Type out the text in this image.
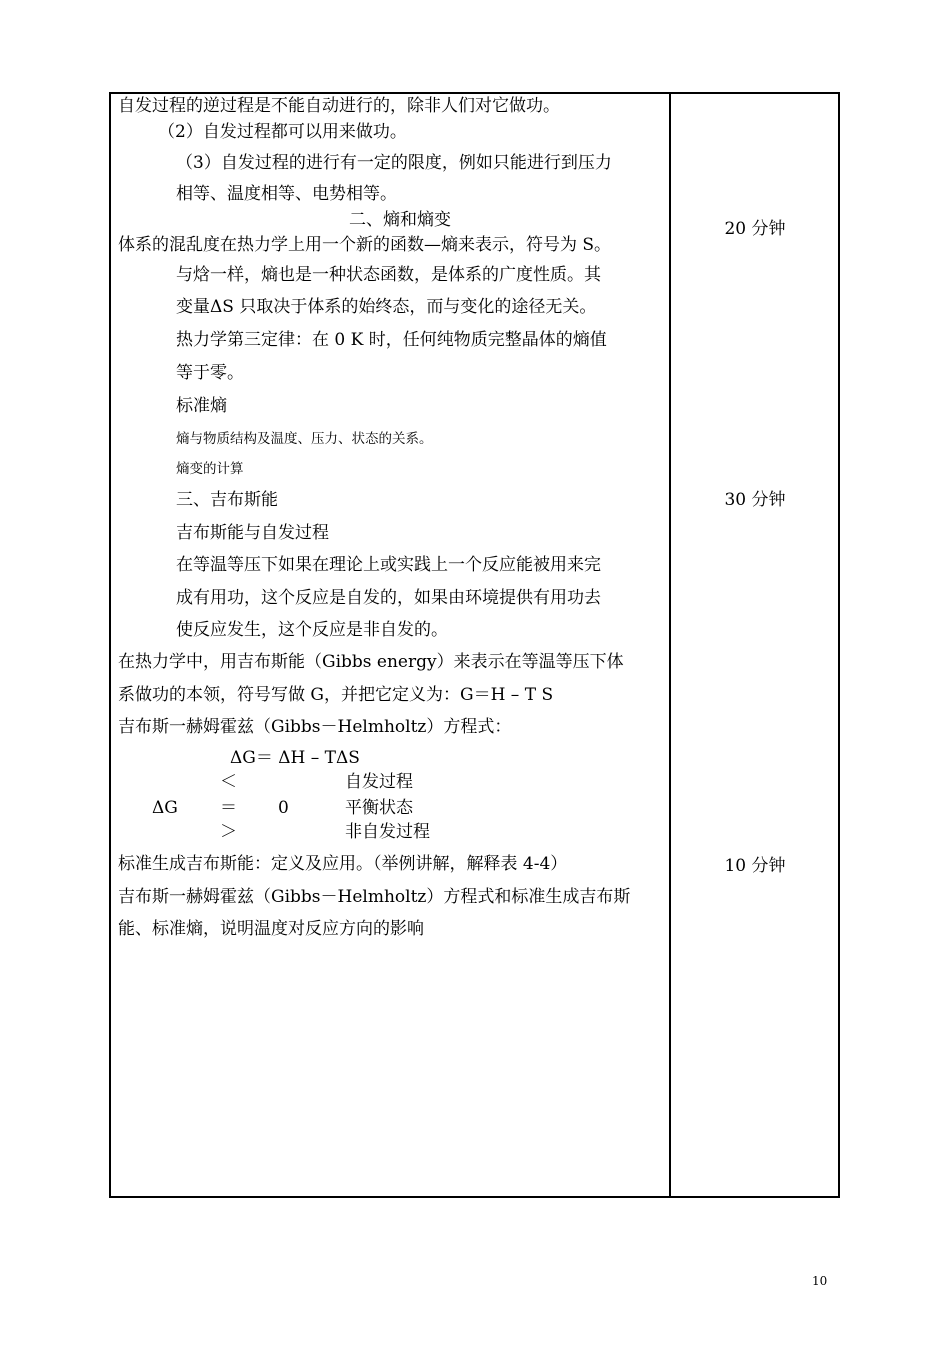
自发过程的逆过程是不能自动进行的，除非人们对它做功。
（2）自发过程都可以用来做功。
（3）自发过程的进行有一定的限度，例如只能进行到压力
相等、温度相等、电势相等。
二、熵和熵变
体系的混乱度在热力学上用一个新的函数—熵来表示，符号为 S。
与焓一样，熵也是一种状态函数，是体系的广度性质。其
变量ΔS 只取决于体系的始终态，而与变化的途径无关。
热力学第三定律：在 0 K 时，任何纯物质完整晶体的熵值
等于零。
标准熵
熵与物质结构及温度、压力、状态的关系。
熵变的计算
三、吉布斯能
吉布斯能与自发过程
在等温等压下如果在理论上或实践上一个反应能被用来完
成有用功，这个反应是自发的，如果由环境提供有用功去
使反应发生，这个反应是非自发的。
在热力学中，用吉布斯能（Gibbs energy）来表示在等温等压下体
系做功的本领，符号写做 G，并把它定义为：G＝H – T S
吉布斯一赫姆霍兹（Gibbs－Helmholtz）方程式：
ΔG＝ ΔH – TΔS
＜	自发过程
ΔG ＝ 0	平衡状态
＞	非自发过程
标准生成吉布斯能：定义及应用。（举例讲解，解释表 4-4）
吉布斯一赫姆霍兹（Gibbs－Helmholtz）方程式和标准生成吉布斯
能、标准熵，说明温度对反应方向的影响
20 分钟
30 分钟
10 分钟
10
